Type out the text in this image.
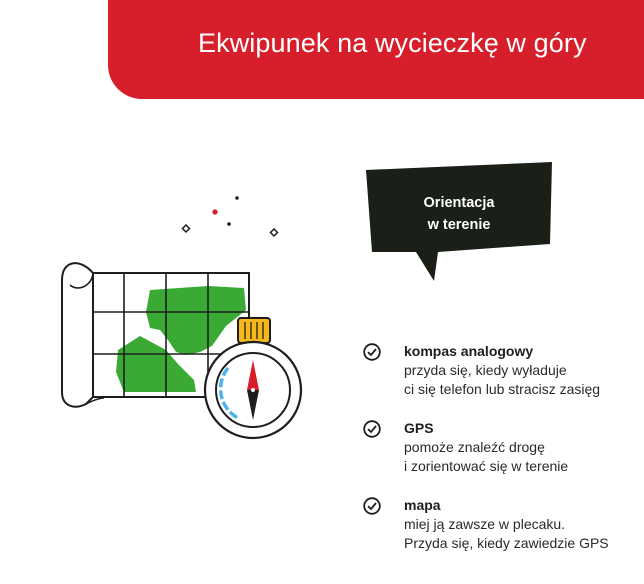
Ekwipunek na wycieczkę w góry
Orientacja
w terenie
kompas analogowy
przyda się, kiedy wyładuje
ci się telefon lub stracisz zasięg
GPS
pomoże znaleźć drogę
i zorientować się w terenie
mapa
miej ją zawsze w plecaku.
Przyda się, kiedy zawiedzie GPS
